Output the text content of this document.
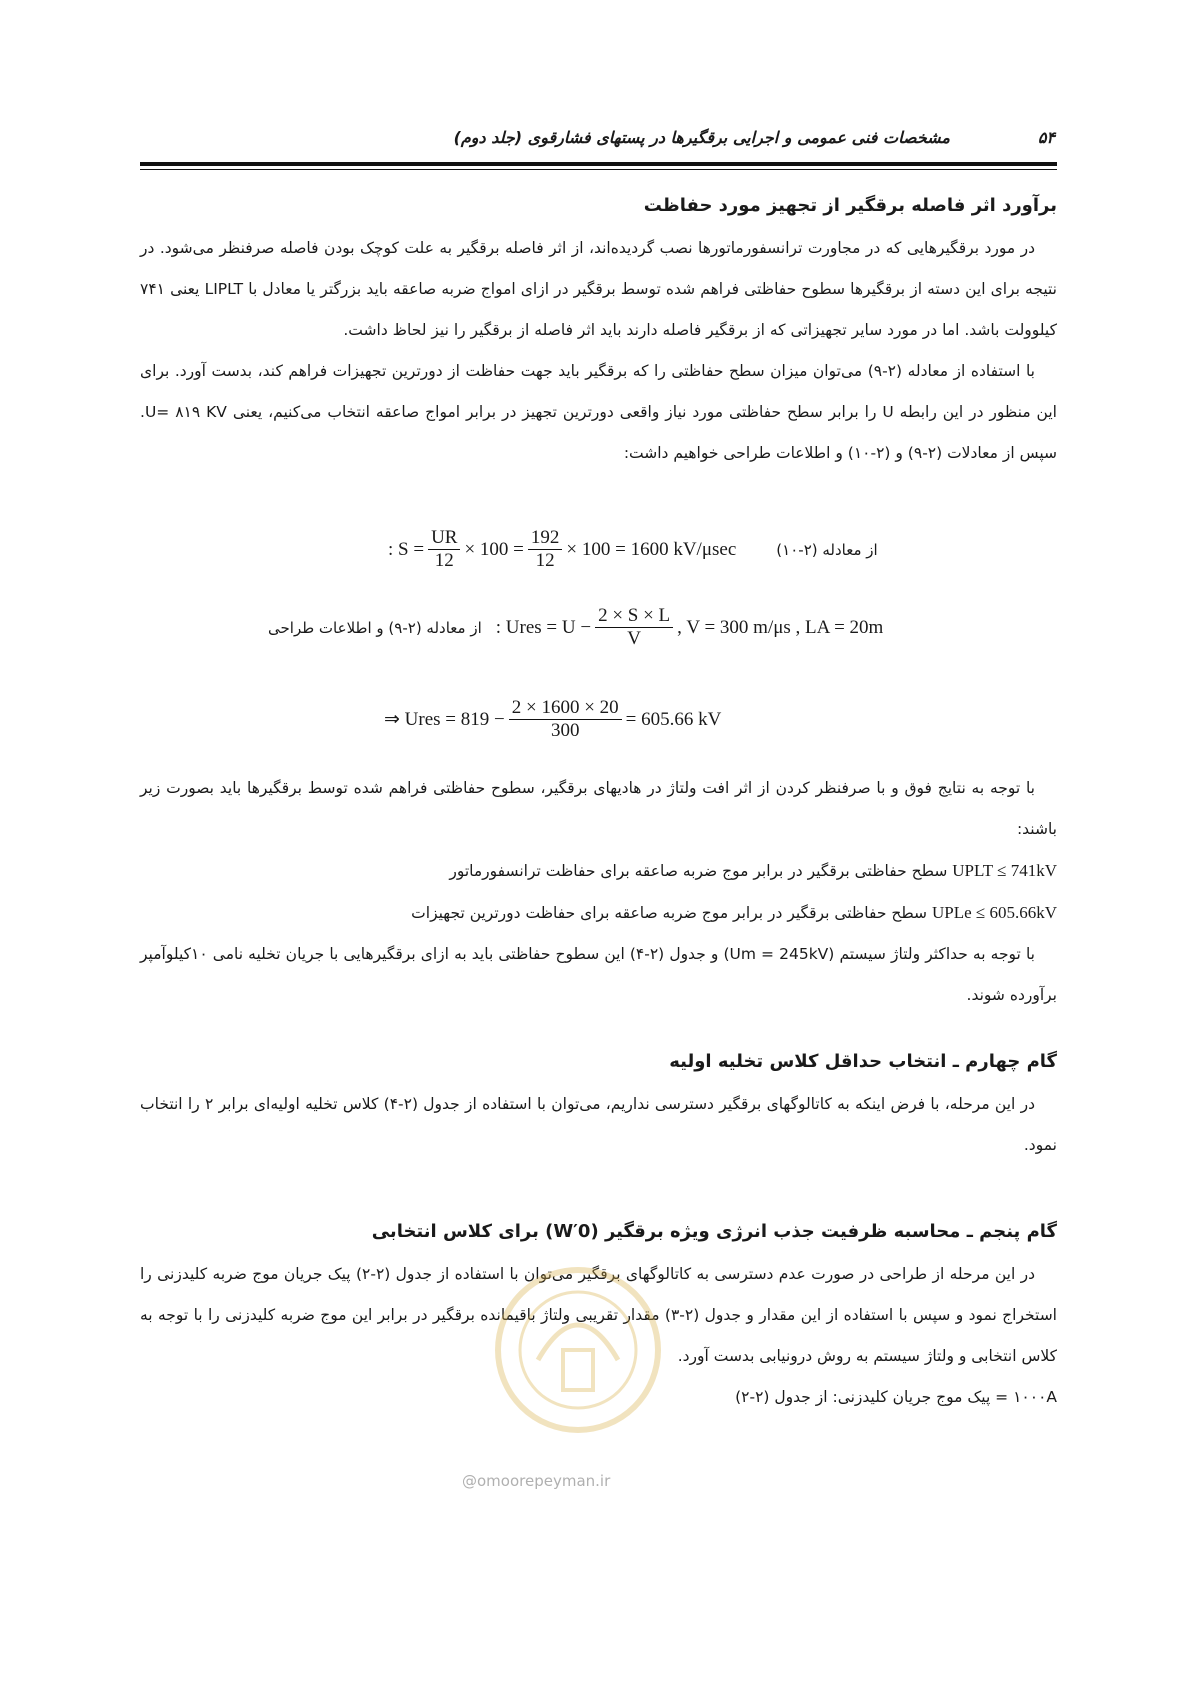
۵۴
مشخصات فنی عمومی و اجرایی برقگیرها در پستهای فشارقوی (جلد دوم)
برآورد اثر فاصله برقگیر از تجهیز مورد حفاظت

در مورد برقگیرهایی که در مجاورت ترانسفورماتورها نصب گردیده‌اند، از اثر فاصله برقگیر به علت کوچک بودن فاصله صرفنظر می‌شود. در نتیجه برای این دسته از برقگیرها سطوح حفاظتی فراهم شده توسط برقگیر در ازای امواج ضربه صاعقه باید بزرگتر یا معادل با LIPLT یعنی ۷۴۱ کیلوولت باشد. اما در مورد سایر تجهیزاتی که از برقگیر فاصله دارند باید اثر فاصله از برقگیر را نیز لحاظ داشت.

با استفاده از معادله (۲-۹) می‌توان میزان سطح حفاظتی را که برقگیر باید جهت حفاظت از دورترین تجهیزات فراهم کند، بدست آورد. برای این منظور در این رابطه U را برابر سطح حفاظتی مورد نیاز واقعی دورترین تجهیز در برابر امواج صاعقه انتخاب می‌کنیم، یعنی U= ۸۱۹ KV. سپس از معادلات (۲-۹) و (۲-۱۰) و اطلاعات طراحی خواهیم داشت:

: $S = \frac{UR}{12} \times 100 = \frac{192}{12} \times 100 = 1600$ kV/μsec	از معادله (۲-۱۰)
از معادله (۲-۹) و اطلاعات طراحی : Ures = $U - \frac{2 \times S \times L}{V}$ , V = 300 m/μs , LA = 20m
⇒ Ures = $819 - \frac{2 \times 1600 \times 20}{300} = 605.66$ kV

با توجه به نتایج فوق و با صرفنظر کردن از اثر افت ولتاژ در هادیهای برقگیر، سطوح حفاظتی فراهم شده توسط برقگیرها باید بصورت زیر باشند:

UPLT ≤ 741kV سطح حفاظتی برقگیر در برابر موج ضربه صاعقه برای حفاظت ترانسفورماتور

UPLe ≤ 605.66kV سطح حفاظتی برقگیر در برابر موج ضربه صاعقه برای حفاظت دورترین تجهیزات

با توجه به حداکثر ولتاژ سیستم (Um = 245kV) و جدول (۲-۴) این سطوح حفاظتی باید به ازای برقگیرهایی با جریان تخلیه نامی ۱۰کیلوآمپر برآورده شوند.

گام چهارم ـ انتخاب حداقل کلاس تخلیه اولیه

در این مرحله، با فرض اینکه به کاتالوگهای برقگیر دسترسی نداریم، می‌توان با استفاده از جدول (۲-۴) کلاس تخلیه اولیه‌ای برابر ۲ را انتخاب نمود.

گام پنجم ـ محاسبه ظرفیت جذب انرژی ویژه برقگیر (W′0) برای کلاس انتخابی

در این مرحله از طراحی در صورت عدم دسترسی به کاتالوگهای برقگیر می‌توان با استفاده از جدول (۲-۲) پیک جریان موج ضربه کلیدزنی را استخراج نمود و سپس با استفاده از این مقدار و جدول (۲-۳) مقدار تقریبی ولتاژ باقیمانده برقگیر در برابر این موج ضربه کلیدزنی را با توجه به کلاس انتخابی و ولتاژ سیستم به روش درونیابی بدست آورد.

۱۰۰۰A = پیک موج جریان کلیدزنی: از جدول (۲-۲)

@omoorepeyman.ir
